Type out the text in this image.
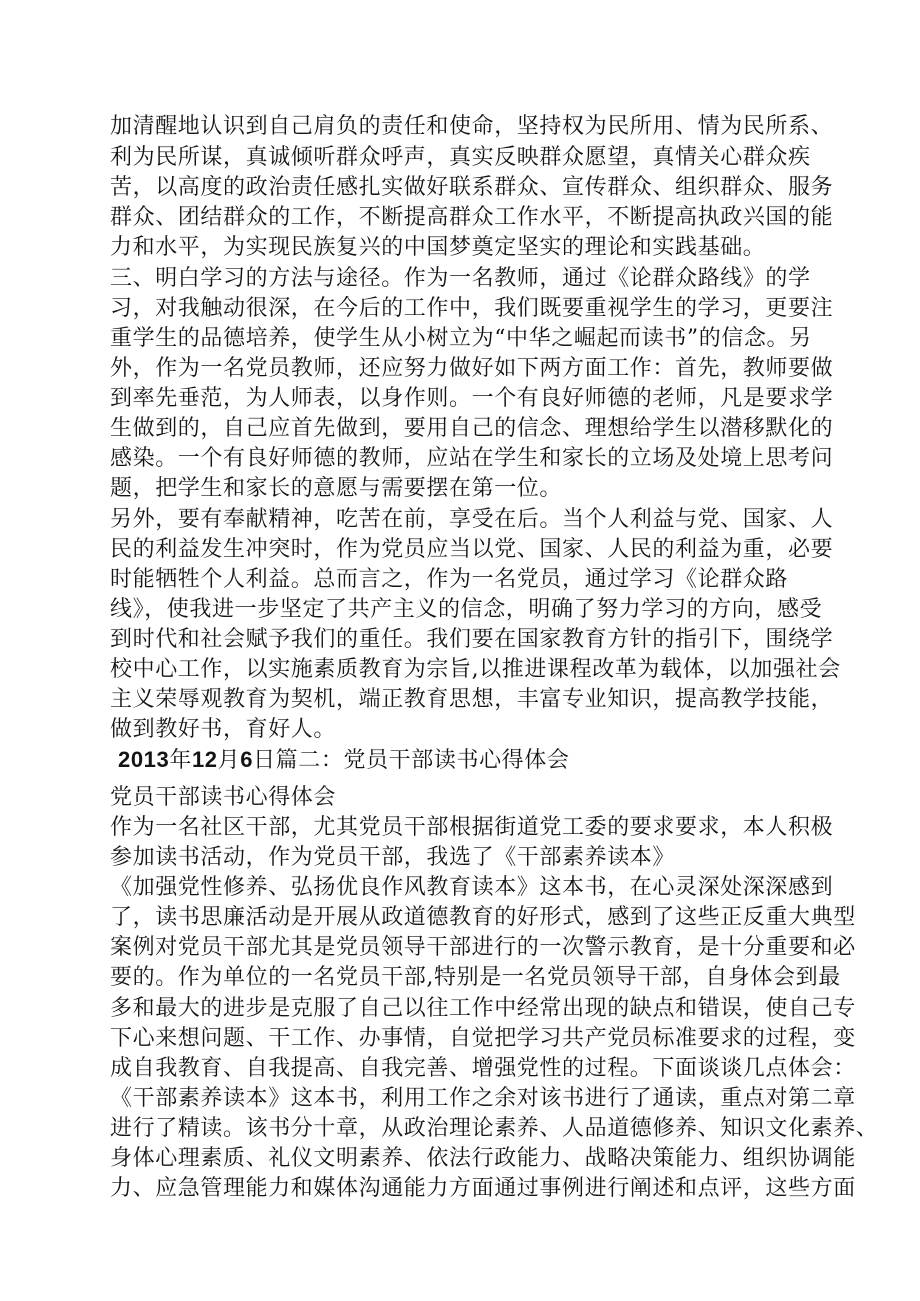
加清醒地认识到自己肩负的责任和使命，坚持权为民所用、情为民所系、
利为民所谋，真诚倾听群众呼声，真实反映群众愿望，真情关心群众疾
苦，以高度的政治责任感扎实做好联系群众、宣传群众、组织群众、服务
群众、团结群众的工作，不断提高群众工作水平，不断提高执政兴国的能
力和水平，为实现民族复兴的中国梦奠定坚实的理论和实践基础。
三、明白学习的方法与途径。作为一名教师，通过《论群众路线》的学
习，对我触动很深，在今后的工作中，我们既要重视学生的学习，更要注
重学生的品德培养，使学生从小树立为“中华之崛起而读书”的信念。另
外，作为一名党员教师，还应努力做好如下两方面工作：首先，教师要做
到率先垂范，为人师表，以身作则。一个有良好师德的老师，凡是要求学
生做到的，自己应首先做到，要用自己的信念、理想给学生以潜移默化的
感染。一个有良好师德的教师，应站在学生和家长的立场及处境上思考问
题，把学生和家长的意愿与需要摆在第一位。
另外，要有奉献精神，吃苦在前，享受在后。当个人利益与党、国家、人
民的利益发生冲突时，作为党员应当以党、国家、人民的利益为重，必要
时能牺牲个人利益。总而言之，作为一名党员，通过学习《论群众路
线》，使我进一步坚定了共产主义的信念，明确了努力学习的方向，感受
到时代和社会赋予我们的重任。我们要在国家教育方针的指引下，围绕学
校中心工作，以实施素质教育为宗旨,以推进课程改革为载体，以加强社会
主义荣辱观教育为契机，端正教育思想，丰富专业知识，提高教学技能，
做到教好书，育好人。
2013年12月6日篇二：党员干部读书心得体会
党员干部读书心得体会
作为一名社区干部，尤其党员干部根据街道党工委的要求要求，本人积极
参加读书活动，作为党员干部，我选了《干部素养读本》
《加强党性修养、弘扬优良作风教育读本》这本书，在心灵深处深深感到
了，读书思廉活动是开展从政道德教育的好形式，感到了这些正反重大典型
案例对党员干部尤其是党员领导干部进行的一次警示教育，是十分重要和必
要的。作为单位的一名党员干部,特别是一名党员领导干部，自身体会到最
多和最大的进步是克服了自己以往工作中经常出现的缺点和错误，使自己专
下心来想问题、干工作、办事情，自觉把学习共产党员标准要求的过程，变
成自我教育、自我提高、自我完善、增强党性的过程。下面谈谈几点体会：
《干部素养读本》这本书，利用工作之余对该书进行了通读，重点对第二章
进行了精读。该书分十章，从政治理论素养、人品道德修养、知识文化素养、
身体心理素质、礼仪文明素养、依法行政能力、战略决策能力、组织协调能
力、应急管理能力和媒体沟通能力方面通过事例进行阐述和点评，这些方面
